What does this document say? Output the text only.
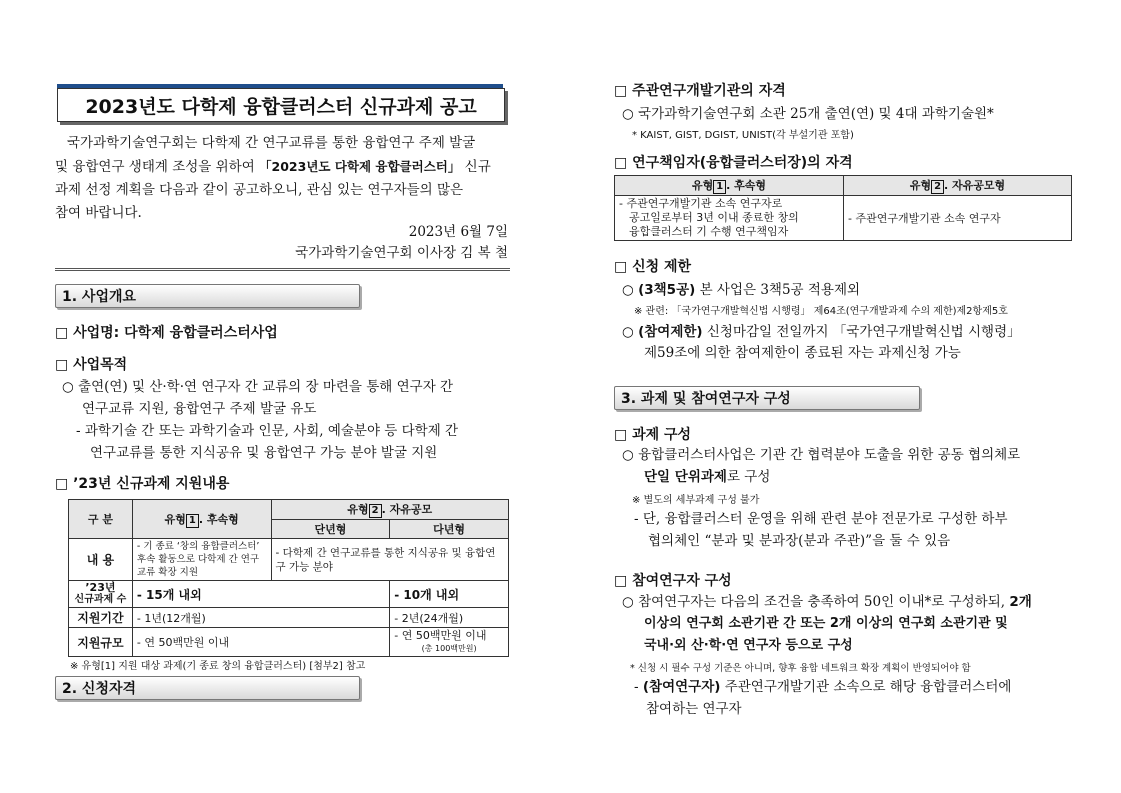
2023년도 다학제 융합클러스터 신규과제 공고
국가과학기술연구회는 다학제 간 연구교류를 통한 융합연구 주제 발굴
및 융합연구 생태계 조성을 위하여 「2023년도 다학제 융합클러스터」 신규
과제 선정 계획을 다음과 같이 공고하오니, 관심 있는 연구자들의 많은
참여 바랍니다.
2023년 6월 7일
국가과학기술연구회 이사장 김 복 철
1. 사업개요
□ 사업명: 다학제 융합클러스터사업
□ 사업목적
○ 출연(연) 및 산·학·연 연구자 간 교류의 장 마련을 통해 연구자 간
연구교류 지원, 융합연구 주제 발굴 유도
- 과학기술 간 또는 과학기술과 인문, 사회, 예술분야 등 다학제 간
연구교류를 통한 지식공유 및 융합연구 가능 분야 발굴 지원
□ ’23년 신규과제 지원내용
구 분	유형 1 . 후속형	유형 2 . 자유공모	
		단년형	다년형
내 용	- 기 종료 ‘창의 융합클러스터’ 후속 활동으로 다학제 간 연구 교류 확장 지원	- 다학제 간 연구교류를 통한 지식공유 및 융합연구 가능 분야	

’23년
신규과제 수	- 15개 내외		- 10개 내외
지원기간	- 1년(12개월)		- 2년(24개월)
지원규모	- 연 50백만원 이내		- 연 50백만원 이내
(총 100백만원)
※ 유형[1] 지원 대상 과제(기 종료 창의 융합클러스터) [첨부2] 참고
2. 신청자격
□ 주관연구개발기관의 자격
○ 국가과학기술연구회 소관 25개 출연(연) 및 4대 과학기술원*
* KAIST, GIST, DGIST, UNIST(각 부설기관 포함)
□ 연구책임자(융합클러스터장)의 자격
유형 1 . 후속형	유형 2 . 자유공모형

- 주관연구개발기관 소속 연구자로
공고일로부터 3년 이내 종료한 창의
융합클러스터 기 수행 연구책임자	- 주관연구개발기관 소속 연구자
□ 신청 제한
○ (3책5공) 본 사업은 3책5공 적용제외
※ 관련: 「국가연구개발혁신법 시행령」 제64조(연구개발과제 수의 제한)제2항제5호
○ (참여제한) 신청마감일 전일까지 「국가연구개발혁신법 시행령」
제59조에 의한 참여제한이 종료된 자는 과제신청 가능
3. 과제 및 참여연구자 구성
□ 과제 구성
○ 융합클러스터사업은 기관 간 협력분야 도출을 위한 공동 협의체로
단일 단위과제로 구성
※ 별도의 세부과제 구성 불가
- 단, 융합클러스터 운영을 위해 관련 분야 전문가로 구성한 하부
협의체인 “분과 및 분과장(분과 주관)”을 둘 수 있음
□ 참여연구자 구성
○ 참여연구자는 다음의 조건을 충족하여 50인 이내*로 구성하되, 2개
이상의 연구회 소관기관 간 또는 2개 이상의 연구회 소관기관 및
국내·외 산·학·연 연구자 등으로 구성
* 신청 시 필수 구성 기준은 아니며, 향후 융합 네트워크 확장 계획이 반영되어야 함
- (참여연구자) 주관연구개발기관 소속으로 해당 융합클러스터에
참여하는 연구자
